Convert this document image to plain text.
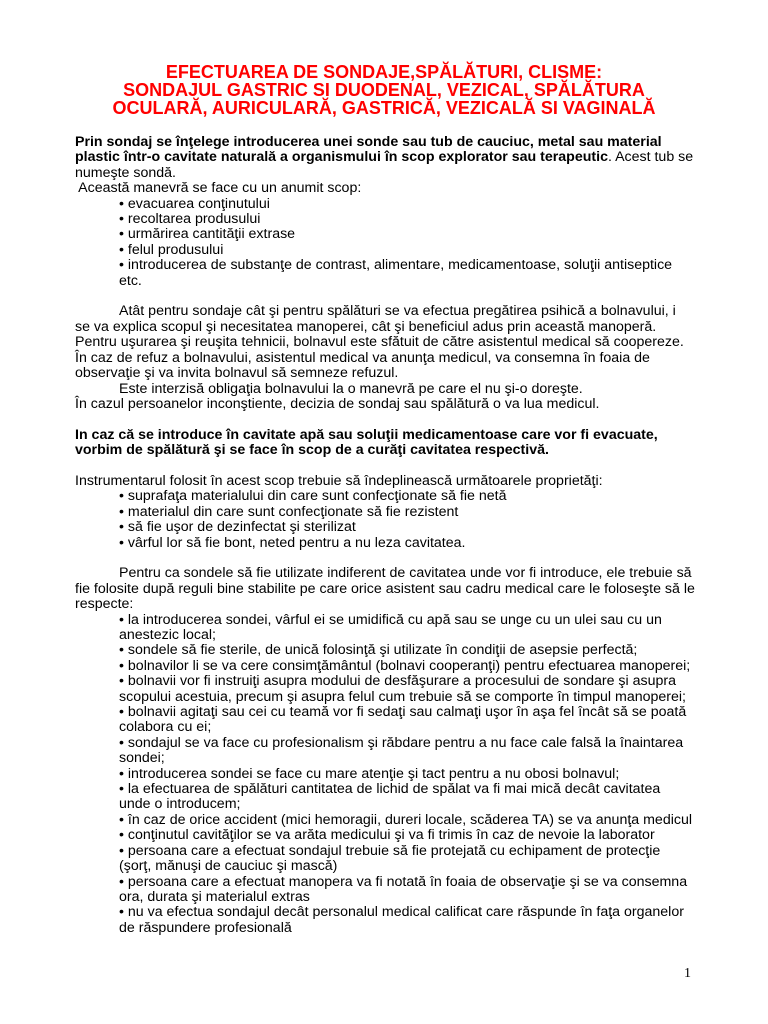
EFECTUAREA DE SONDAJE,SPĂLĂTURI, CLISME:
SONDAJUL GASTRIC SI DUODENAL, VEZICAL, SPĂLĂTURA
OCULARĂ, AURICULARĂ, GASTRICĂ, VEZICALĂ SI VAGINALĂ
Prin sondaj se înţelege introducerea unei sonde sau tub de cauciuc, metal sau material
plastic într-o cavitate naturală a organismului în scop explorator sau terapeutic. Acest tub se
numeşte sondă.
Această manevră se face cu un anumit scop:
• evacuarea conţinutului
• recoltarea produsului
• urmărirea cantităţii extrase
• felul produsului
• introducerea de substanţe de contrast, alimentare, medicamentoase, soluţii antiseptice
etc.
Atât pentru sondaje cât şi pentru spălături se va efectua pregătirea psihică a bolnavului, i
se va explica scopul şi necesitatea manoperei, cât şi beneficiul adus prin această manoperă.
Pentru uşurarea şi reuşita tehnicii, bolnavul este sfătuit de către asistentul medical să coopereze.
În caz de refuz a bolnavului, asistentul medical va anunţa medicul, va consemna în foaia de
observaţie şi va invita bolnavul să semneze refuzul.
Este interzisă obligaţia bolnavului la o manevră pe care el nu şi-o doreşte.
În cazul persoanelor inconştiente, decizia de sondaj sau spălătură o va lua medicul.
In caz că se introduce în cavitate apă sau soluţii medicamentoase care vor fi evacuate,
vorbim de spălătură şi se face în scop de a curăţi cavitatea respectivă.
Instrumentarul folosit în acest scop trebuie să îndeplinească următoarele proprietăţi:
• suprafaţa materialului din care sunt confecţionate să fie netă
• materialul din care sunt confecţionate să fie rezistent
• să fie uşor de dezinfectat şi sterilizat
• vârful lor să fie bont, neted pentru a nu leza cavitatea.
Pentru ca sondele să fie utilizate indiferent de cavitatea unde vor fi introduce, ele trebuie să
fie folosite după reguli bine stabilite pe care orice asistent sau cadru medical care le foloseşte să le
respecte:
• la introducerea sondei, vârful ei se umidifică cu apă sau se unge cu un ulei sau cu un
anestezic local;
• sondele să fie sterile, de unică folosinţă şi utilizate în condiţii de asepsie perfectă;
• bolnavilor li se va cere consimţământul (bolnavi cooperanţi) pentru efectuarea manoperei;
• bolnavii vor fi instruiţi asupra modului de desfăşurare a procesului de sondare şi asupra
scopului acestuia, precum şi asupra felul cum trebuie să se comporte în timpul manoperei;
• bolnavii agitaţi sau cei cu teamă vor fi sedaţi sau calmaţi uşor în aşa fel încât să se poată
colabora cu ei;
• sondajul se va face cu profesionalism şi răbdare pentru a nu face cale falsă la înaintarea
sondei;
• introducerea sondei se face cu mare atenţie şi tact pentru a nu obosi bolnavul;
• la efectuarea de spălături cantitatea de lichid de spălat va fi mai mică decât cavitatea
unde o introducem;
• în caz de orice accident (mici hemoragii, dureri locale, scăderea TA) se va anunţa medicul
• conţinutul cavităţilor se va arăta medicului şi va fi trimis în caz de nevoie la laborator
• persoana care a efectuat sondajul trebuie să fie protejată cu echipament de protecţie
(şorţ, mănuşi de cauciuc şi mască)
• persoana care a efectuat manopera va fi notată în foaia de observaţie şi se va consemna
ora, durata şi materialul extras
• nu va efectua sondajul decât personalul medical calificat care răspunde în faţa organelor
de răspundere profesională
1
